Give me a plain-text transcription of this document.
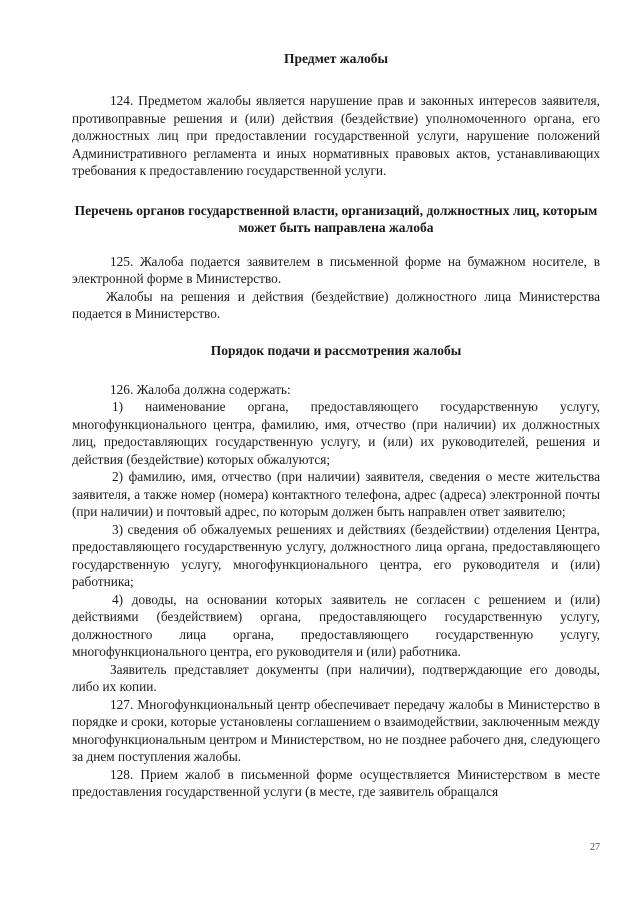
Предмет жалобы

124. Предметом жалобы является нарушение прав и законных интересов заявителя, противоправные решения и (или) действия (бездействие) уполномоченного органа, его должностных лиц при предоставлении государственной услуги, нарушение положений Административного регламента и иных нормативных правовых актов, устанавливающих требования к предоставлению государственной услуги.

Перечень органов государственной власти, организаций, должностных лиц, которым может быть направлена жалоба

125. Жалоба подается заявителем в письменной форме на бумажном носителе, в электронной форме в Министерство.

Жалобы на решения и действия (бездействие) должностного лица Министерства подается в Министерство.

Порядок подачи и рассмотрения жалобы

126. Жалоба должна содержать:

1) наименование органа, предоставляющего государственную услугу, многофункционального центра, фамилию, имя, отчество (при наличии) их должностных лиц, предоставляющих государственную услугу, и (или) их руководителей, решения и действия (бездействие) которых обжалуются;

2) фамилию, имя, отчество (при наличии) заявителя, сведения о месте жительства заявителя, а также номер (номера) контактного телефона, адрес (адреса) электронной почты (при наличии) и почтовый адрес, по которым должен быть направлен ответ заявителю;

3) сведения об обжалуемых решениях и действиях (бездействии) отделения Центра, предоставляющего государственную услугу, должностного лица органа, предоставляющего государственную услугу, многофункционального центра, его руководителя и (или) работника;

4) доводы, на основании которых заявитель не согласен с решением и (или) действиями (бездействием) органа, предоставляющего государственную услугу, должностного лица органа, предоставляющего государственную услугу, многофункционального центра, его руководителя и (или) работника.

Заявитель представляет документы (при наличии), подтверждающие его доводы, либо их копии.

127. Многофункциональный центр обеспечивает передачу жалобы в Министерство в порядке и сроки, которые установлены соглашением о взаимодействии, заключенным между многофункциональным центром и Министерством, но не позднее рабочего дня, следующего за днем поступления жалобы.

128. Прием жалоб в письменной форме осуществляется Министерством в месте предоставления государственной услуги (в месте, где заявитель обращался

27
